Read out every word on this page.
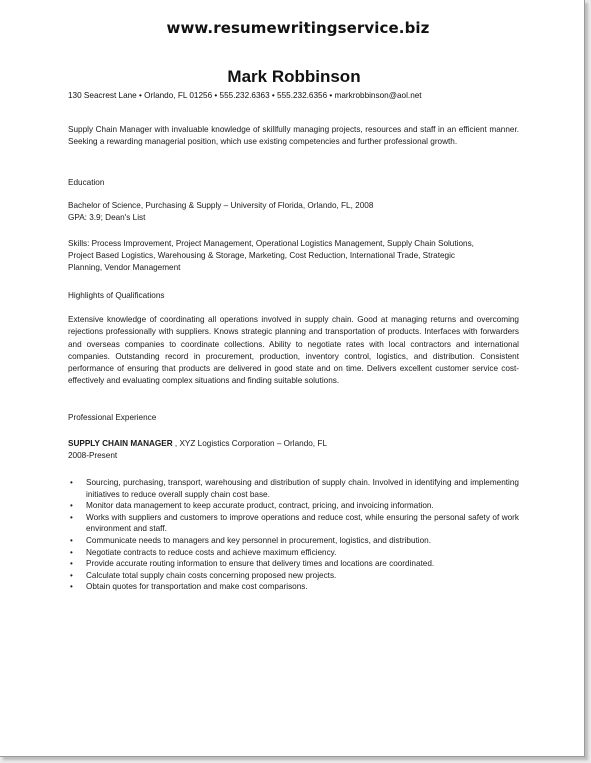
www.resumewritingservice.biz
Mark Robbinson
130 Seacrest Lane • Orlando, FL 01256 • 555.232.6363 • 555.232.6356 • markrobbinson@aol.net
Supply Chain Manager with invaluable knowledge of skillfully managing projects, resources and staff in an efficient manner. Seeking a rewarding managerial position, which use existing competencies and further professional growth.
Education
Bachelor of Science, Purchasing & Supply – University of Florida, Orlando, FL, 2008
GPA: 3.9; Dean's List
Skills: Process Improvement, Project Management, Operational Logistics Management, Supply Chain Solutions, Project Based Logistics, Warehousing & Storage, Marketing, Cost Reduction, International Trade, Strategic Planning, Vendor Management
Highlights of Qualifications
Extensive knowledge of coordinating all operations involved in supply chain. Good at managing returns and overcoming rejections professionally with suppliers. Knows strategic planning and transportation of products. Interfaces with forwarders and overseas companies to coordinate collections. Ability to negotiate rates with local contractors and international companies. Outstanding record in procurement, production, inventory control, logistics, and distribution. Consistent performance of ensuring that products are delivered in good state and on time. Delivers excellent customer service cost-effectively and evaluating complex situations and finding suitable solutions.
Professional Experience
SUPPLY CHAIN MANAGER , XYZ Logistics Corporation – Orlando, FL
2008-Present
• Sourcing, purchasing, transport, warehousing and distribution of supply chain. Involved in identifying and implementing initiatives to reduce overall supply chain cost base.
• Monitor data management to keep accurate product, contract, pricing, and invoicing information.
• Works with suppliers and customers to improve operations and reduce cost, while ensuring the personal safety of work environment and staff.
• Communicate needs to managers and key personnel in procurement, logistics, and distribution.
• Negotiate contracts to reduce costs and achieve maximum efficiency.
• Provide accurate routing information to ensure that delivery times and locations are coordinated.
• Calculate total supply chain costs concerning proposed new projects.
• Obtain quotes for transportation and make cost comparisons.
